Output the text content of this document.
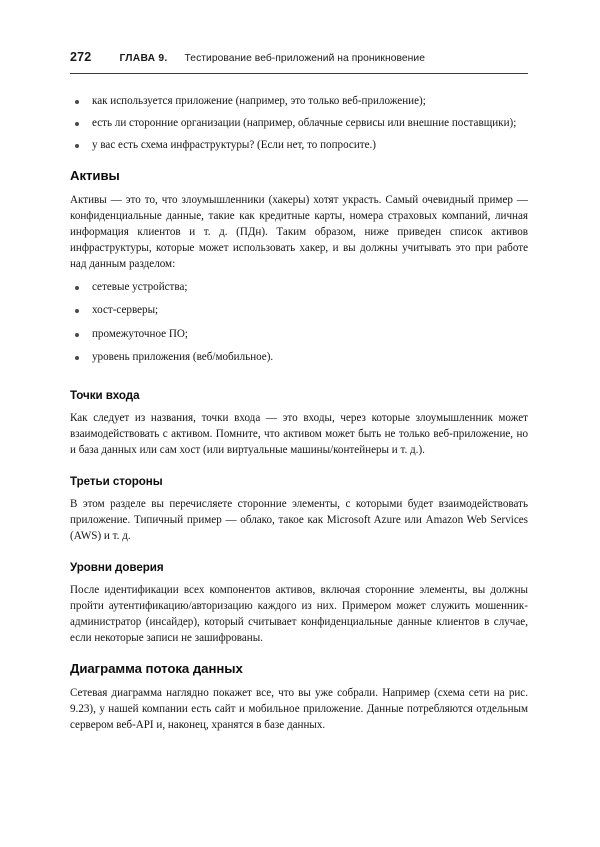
272	ГЛАВА 9. Тестирование веб-приложений на проникновение
как используется приложение (например, это только веб-приложение);
есть ли сторонние организации (например, облачные сервисы или внешние поставщики);
у вас есть схема инфраструктуры? (Если нет, то попросите.)
Активы

Активы — это то, что злоумышленники (хакеры) хотят украсть. Самый очевидный пример — конфиденциальные данные, такие как кредитные карты, номера страховых компаний, личная информация клиентов и т. д. (ПДн). Таким образом, ниже приведен список активов инфраструктуры, которые может использовать хакер, и вы должны учитывать это при работе над данным разделом:

сетевые устройства;
хост-серверы;
промежуточное ПО;
уровень приложения (веб/мобильное).
Точки входа

Как следует из названия, точки входа — это входы, через которые злоумышленник может взаимодействовать с активом. Помните, что активом может быть не только веб-приложение, но и база данных или сам хост (или виртуальные машины/контейнеры и т. д.).

Третьи стороны

В этом разделе вы перечисляете сторонние элементы, с которыми будет взаимодействовать приложение. Типичный пример — облако, такое как Microsoft Azure или Amazon Web Services (AWS) и т. д.

Уровни доверия

После идентификации всех компонентов активов, включая сторонние элементы, вы должны пройти аутентификацию/авторизацию каждого из них. Примером может служить мошенник-администратор (инсайдер), который считывает конфиденциальные данные клиентов в случае, если некоторые записи не зашифрованы.

Диаграмма потока данных

Сетевая диаграмма наглядно покажет все, что вы уже собрали. Например (схема сети на рис. 9.23), у нашей компании есть сайт и мобильное приложение. Данные потребляются отдельным сервером веб-API и, наконец, хранятся в базе данных.
